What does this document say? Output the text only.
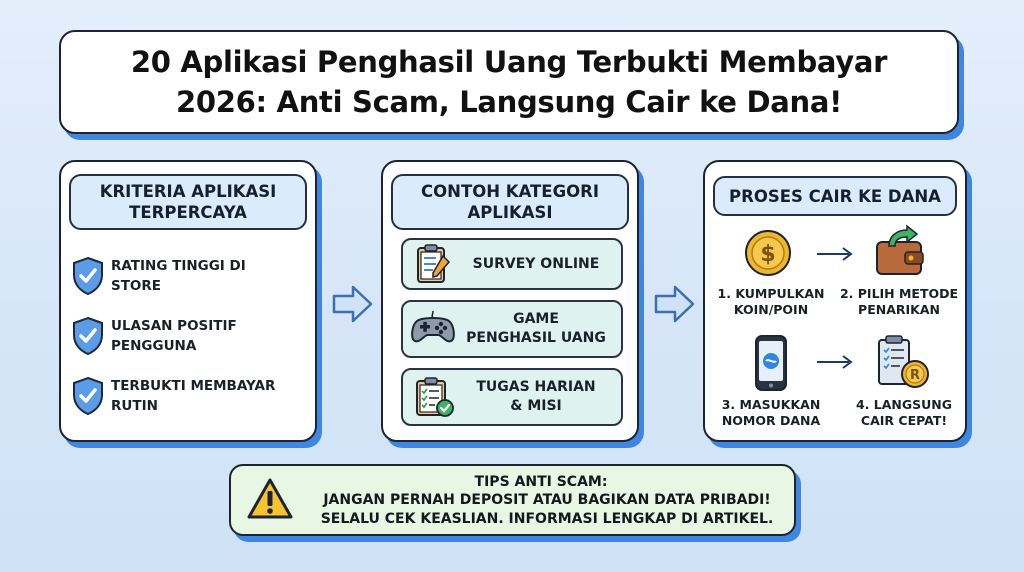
20 Aplikasi Penghasil Uang Terbukti Membayar
2026: Anti Scam, Langsung Cair ke Dana!
KRITERIA APLIKASI
TERPERCAYA
RATING TINGGI DI
STORE
ULASAN POSITIF
PENGGUNA
TERBUKTI MEMBAYAR
RUTIN
CONTOH KATEGORI
APLIKASI
SURVEY ONLINE
GAME
PENGHASIL UANG
TUGAS HARIAN
& MISI
PROSES CAIR KE DANA
$
1. KUMPULKAN
KOIN/POIN
2. PILIH METODE
PENARIKAN
R
3. MASUKKAN
NOMOR DANA
4. LANGSUNG
CAIR CEPAT!
TIPS ANTI SCAM:
JANGAN PERNAH DEPOSIT ATAU BAGIKAN DATA PRIBADI!
SELALU CEK KEASLIAN. INFORMASI LENGKAP DI ARTIKEL.
